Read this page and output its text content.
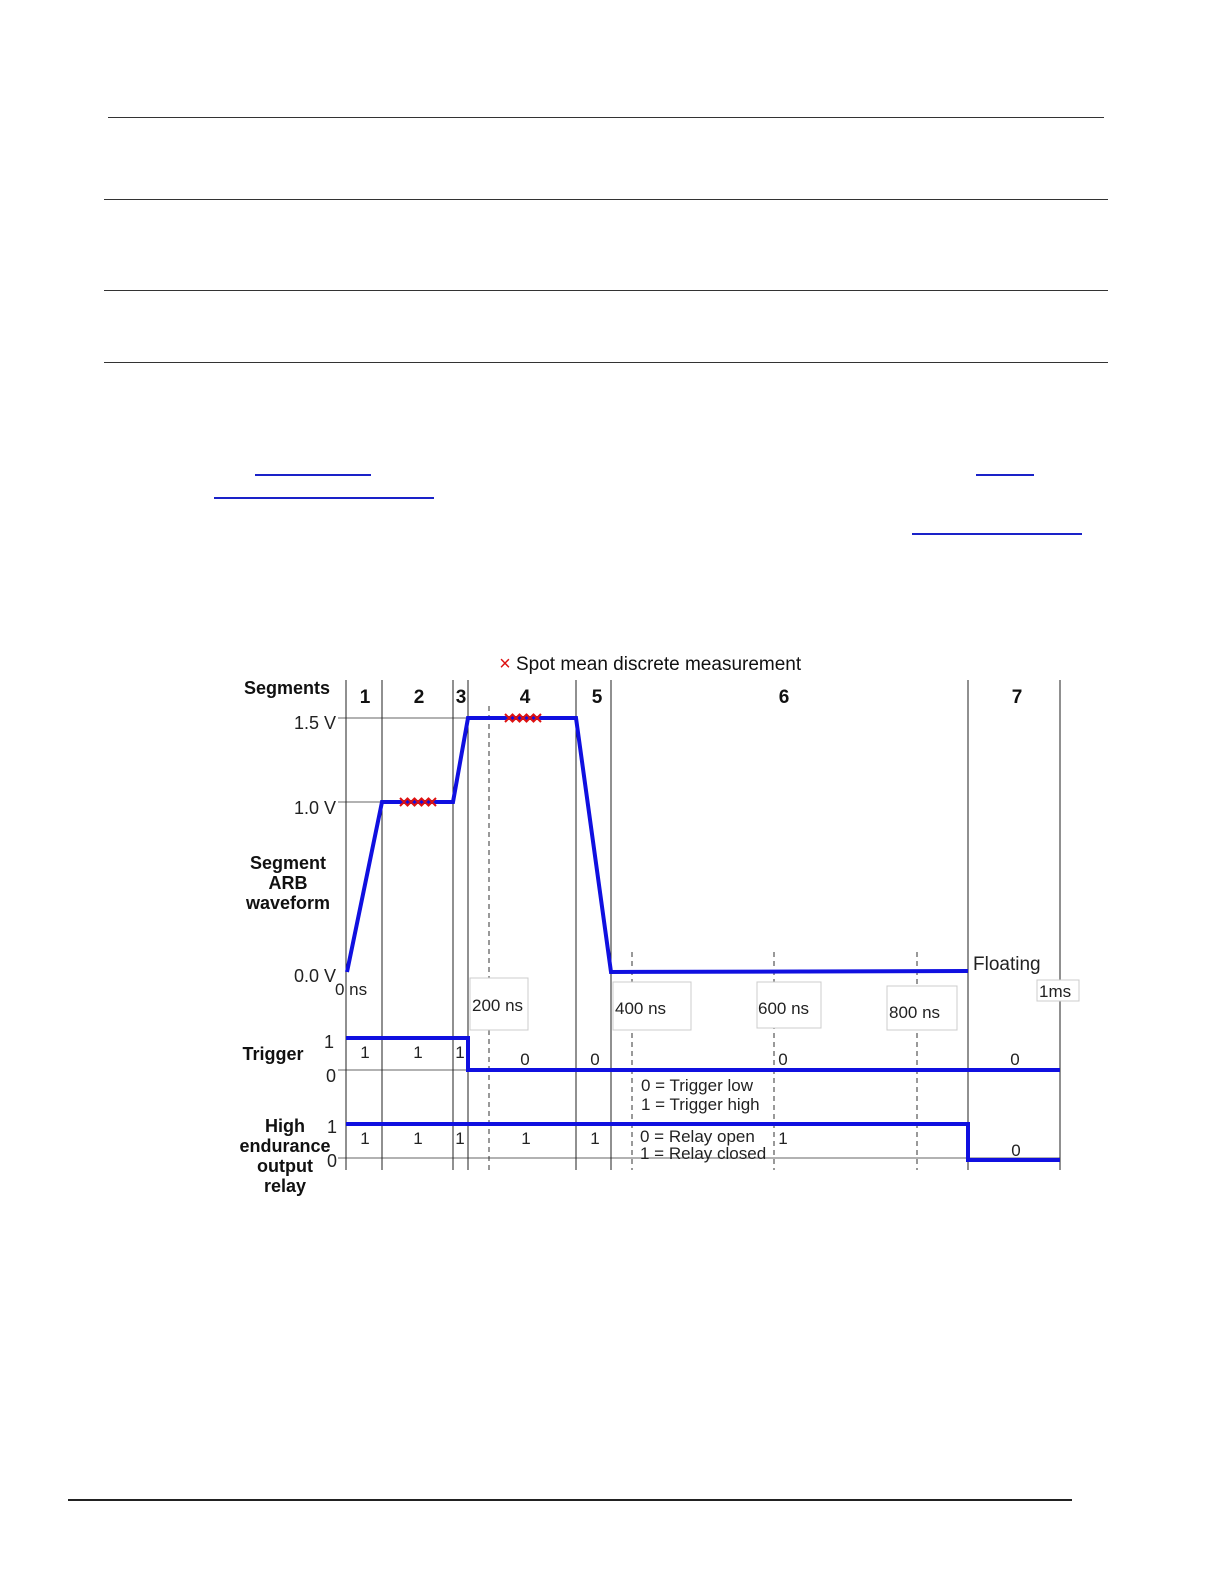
× Spot mean discrete measurement
Segments
Segment
ARB
waveform
Trigger
High
endurance
output
relay
1.5 V
1.0 V
0.0 V
1
0
1
0
0 ns
200 ns	400 ns	600 ns	800 ns
1ms
1 2 3	4	5	6	7
Floating
1	1 1	0	0	0	0
0 = Trigger low
1 = Trigger high
1	1 1	1	1	1
0
0 = Relay open
1 = Relay closed
